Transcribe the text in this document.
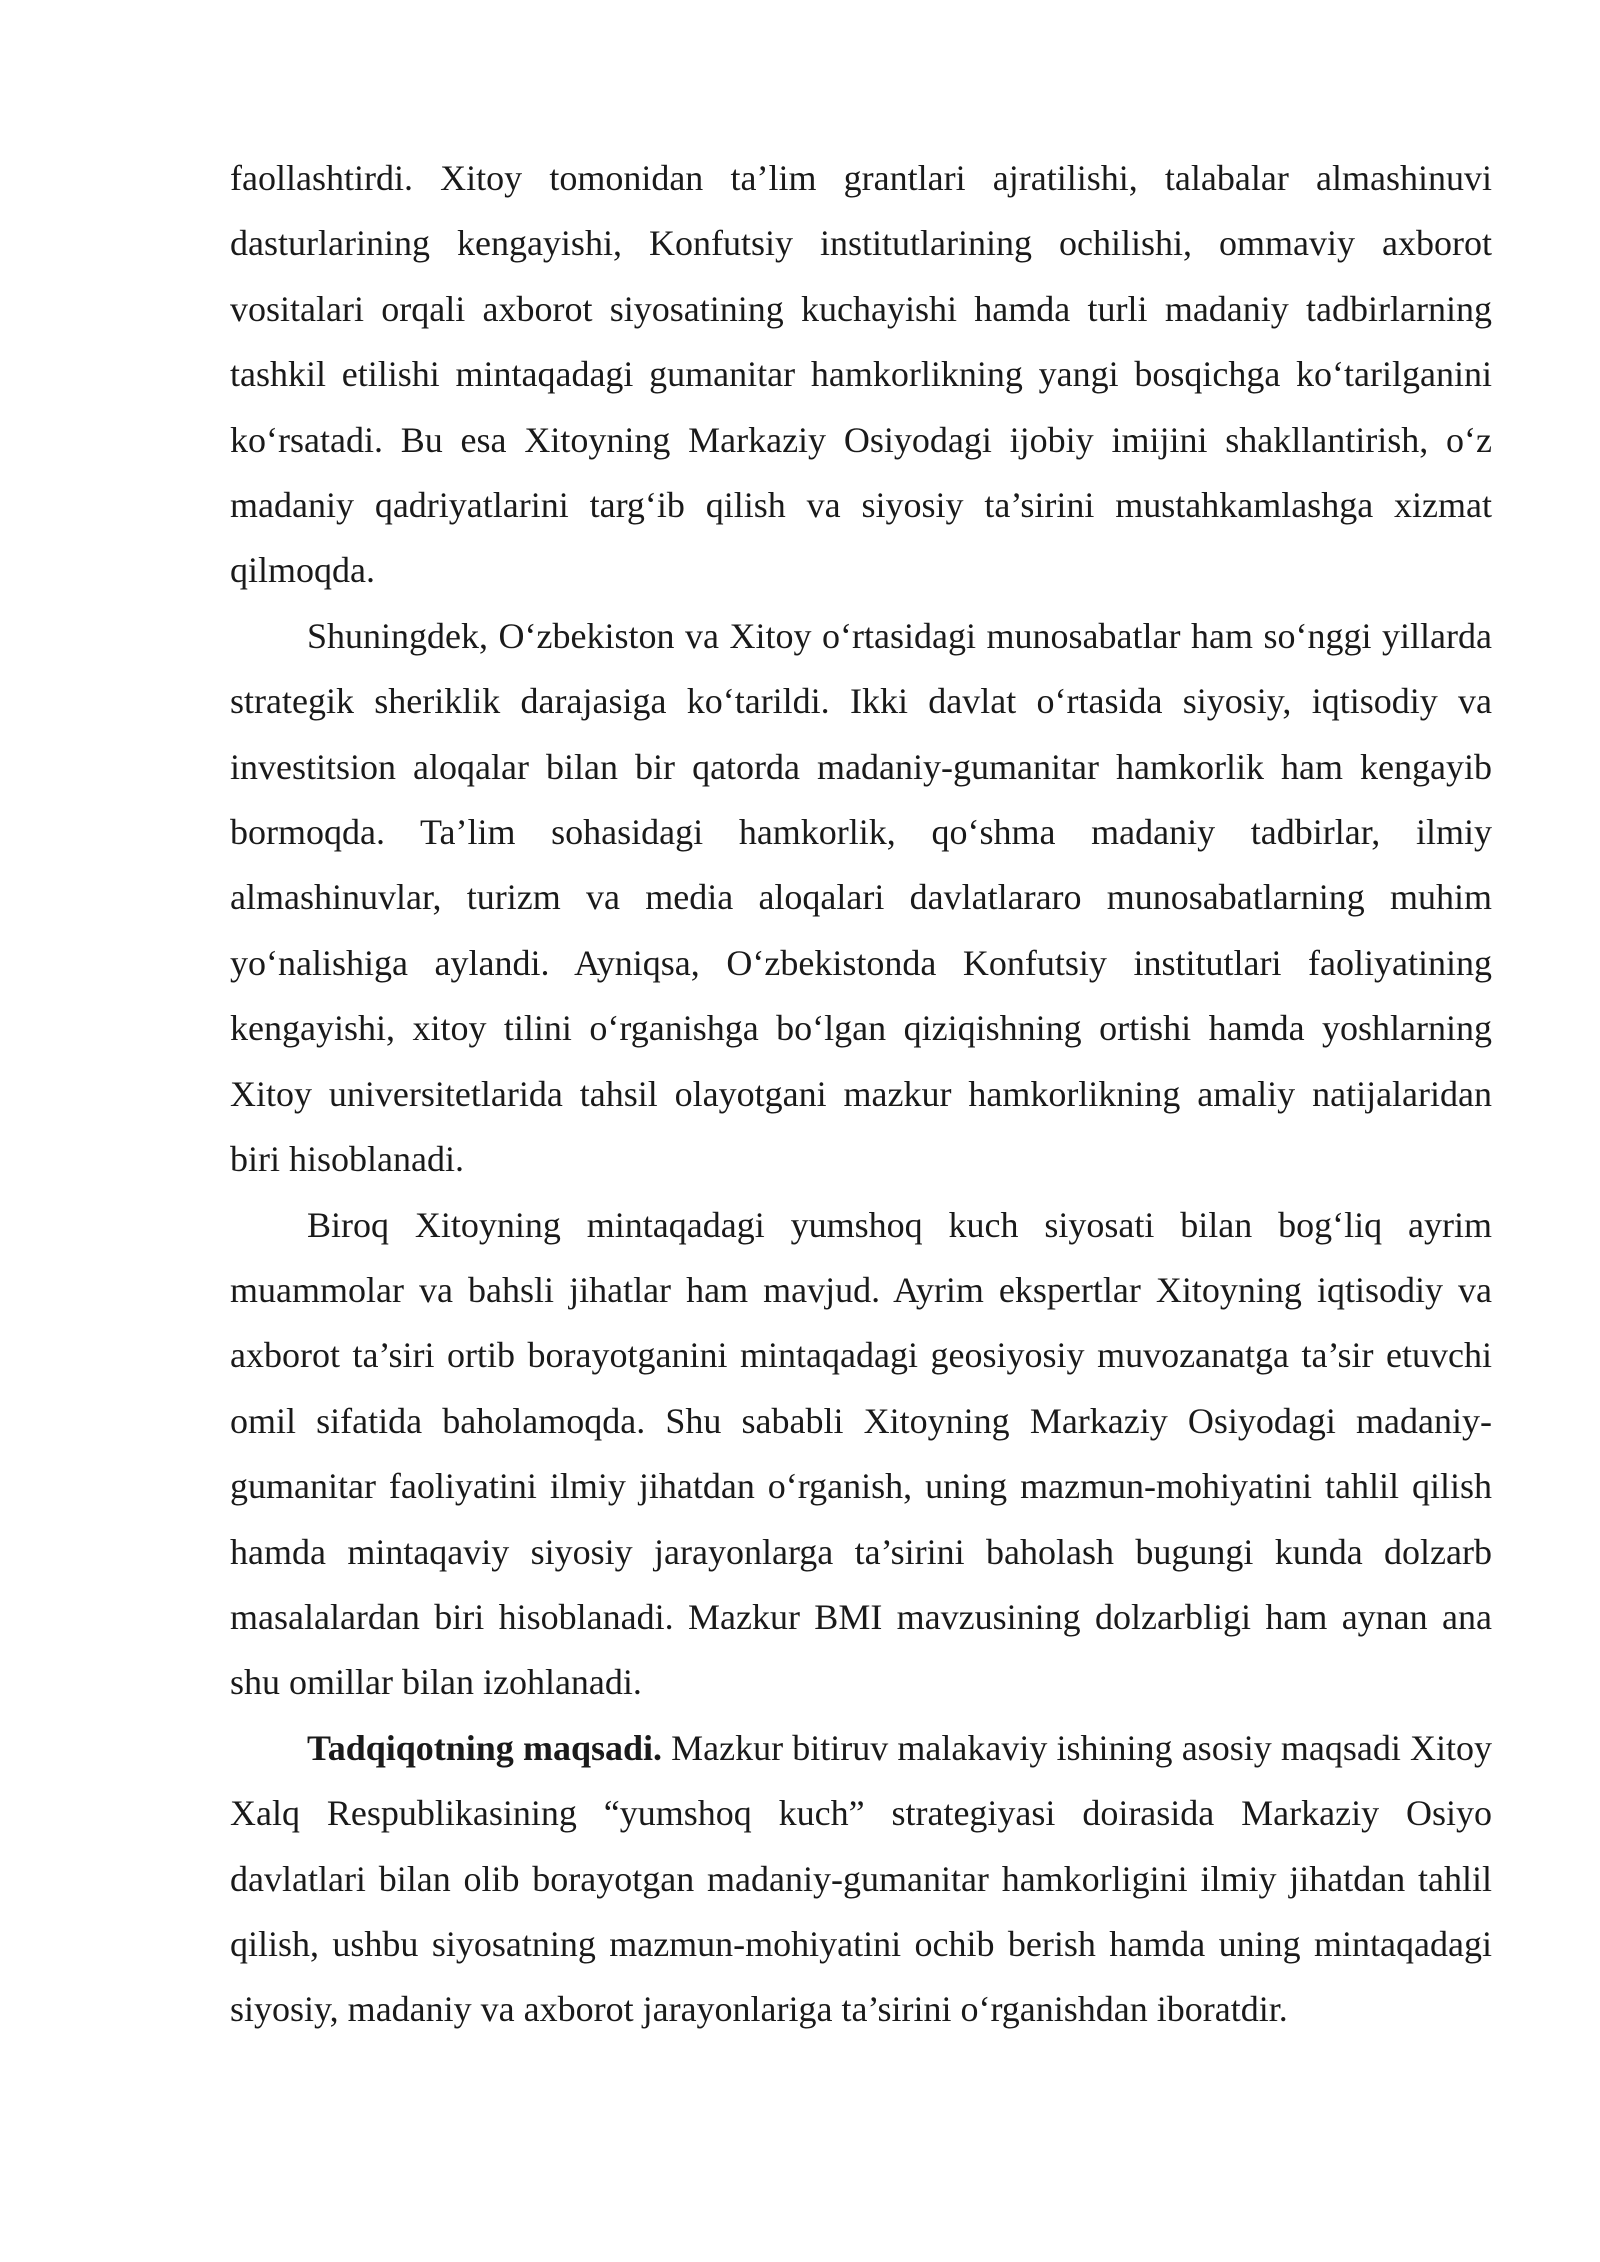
faollashtirdi. Xitoy tomonidan ta’lim grantlari ajratilishi, talabalar almashinuvi dasturlarining kengayishi, Konfutsiy institutlarining ochilishi, ommaviy axborot vositalari orqali axborot siyosatining kuchayishi hamda turli madaniy tadbirlarning tashkil etilishi mintaqadagi gumanitar hamkorlikning yangi bosqichga ko‘tarilganini ko‘rsatadi. Bu esa Xitoyning Markaziy Osiyodagi ijobiy imijini shakllantirish, o‘z madaniy qadriyatlarini targ‘ib qilish va siyosiy ta’sirini mustahkamlashga xizmat qilmoqda.

Shuningdek, O‘zbekiston va Xitoy o‘rtasidagi munosabatlar ham so‘nggi yillarda strategik sheriklik darajasiga ko‘tarildi. Ikki davlat o‘rtasida siyosiy, iqtisodiy va investitsion aloqalar bilan bir qatorda madaniy-gumanitar hamkorlik ham kengayib bormoqda. Ta’lim sohasidagi hamkorlik, qo‘shma madaniy tadbirlar, ilmiy almashinuvlar, turizm va media aloqalari davlatlararo munosabatlarning muhim yo‘nalishiga aylandi. Ayniqsa, O‘zbekistonda Konfutsiy institutlari faoliyatining kengayishi, xitoy tilini o‘rganishga bo‘lgan qiziqishning ortishi hamda yoshlarning Xitoy universitetlarida tahsil olayotgani mazkur hamkorlikning amaliy natijalaridan biri hisoblanadi.

Biroq Xitoyning mintaqadagi yumshoq kuch siyosati bilan bog‘liq ayrim muammolar va bahsli jihatlar ham mavjud. Ayrim ekspertlar Xitoyning iqtisodiy va axborot ta’siri ortib borayotganini mintaqadagi geosiyosiy muvozanatga ta’sir etuvchi omil sifatida baholamoqda. Shu sababli Xitoyning Markaziy Osiyodagi madaniy-gumanitar faoliyatini ilmiy jihatdan o‘rganish, uning mazmun-mohiyatini tahlil qilish hamda mintaqaviy siyosiy jarayonlarga ta’sirini baholash bugungi kunda dolzarb masalalardan biri hisoblanadi. Mazkur BMI mavzusining dolzarbligi ham aynan ana shu omillar bilan izohlanadi.

Tadqiqotning maqsadi. Mazkur bitiruv malakaviy ishining asosiy maqsadi Xitoy Xalq Respublikasining “yumshoq kuch” strategiyasi doirasida Markaziy Osiyo davlatlari bilan olib borayotgan madaniy-gumanitar hamkorligini ilmiy jihatdan tahlil qilish, ushbu siyosatning mazmun-mohiyatini ochib berish hamda uning mintaqadagi siyosiy, madaniy va axborot jarayonlariga ta’sirini o‘rganishdan iboratdir.
